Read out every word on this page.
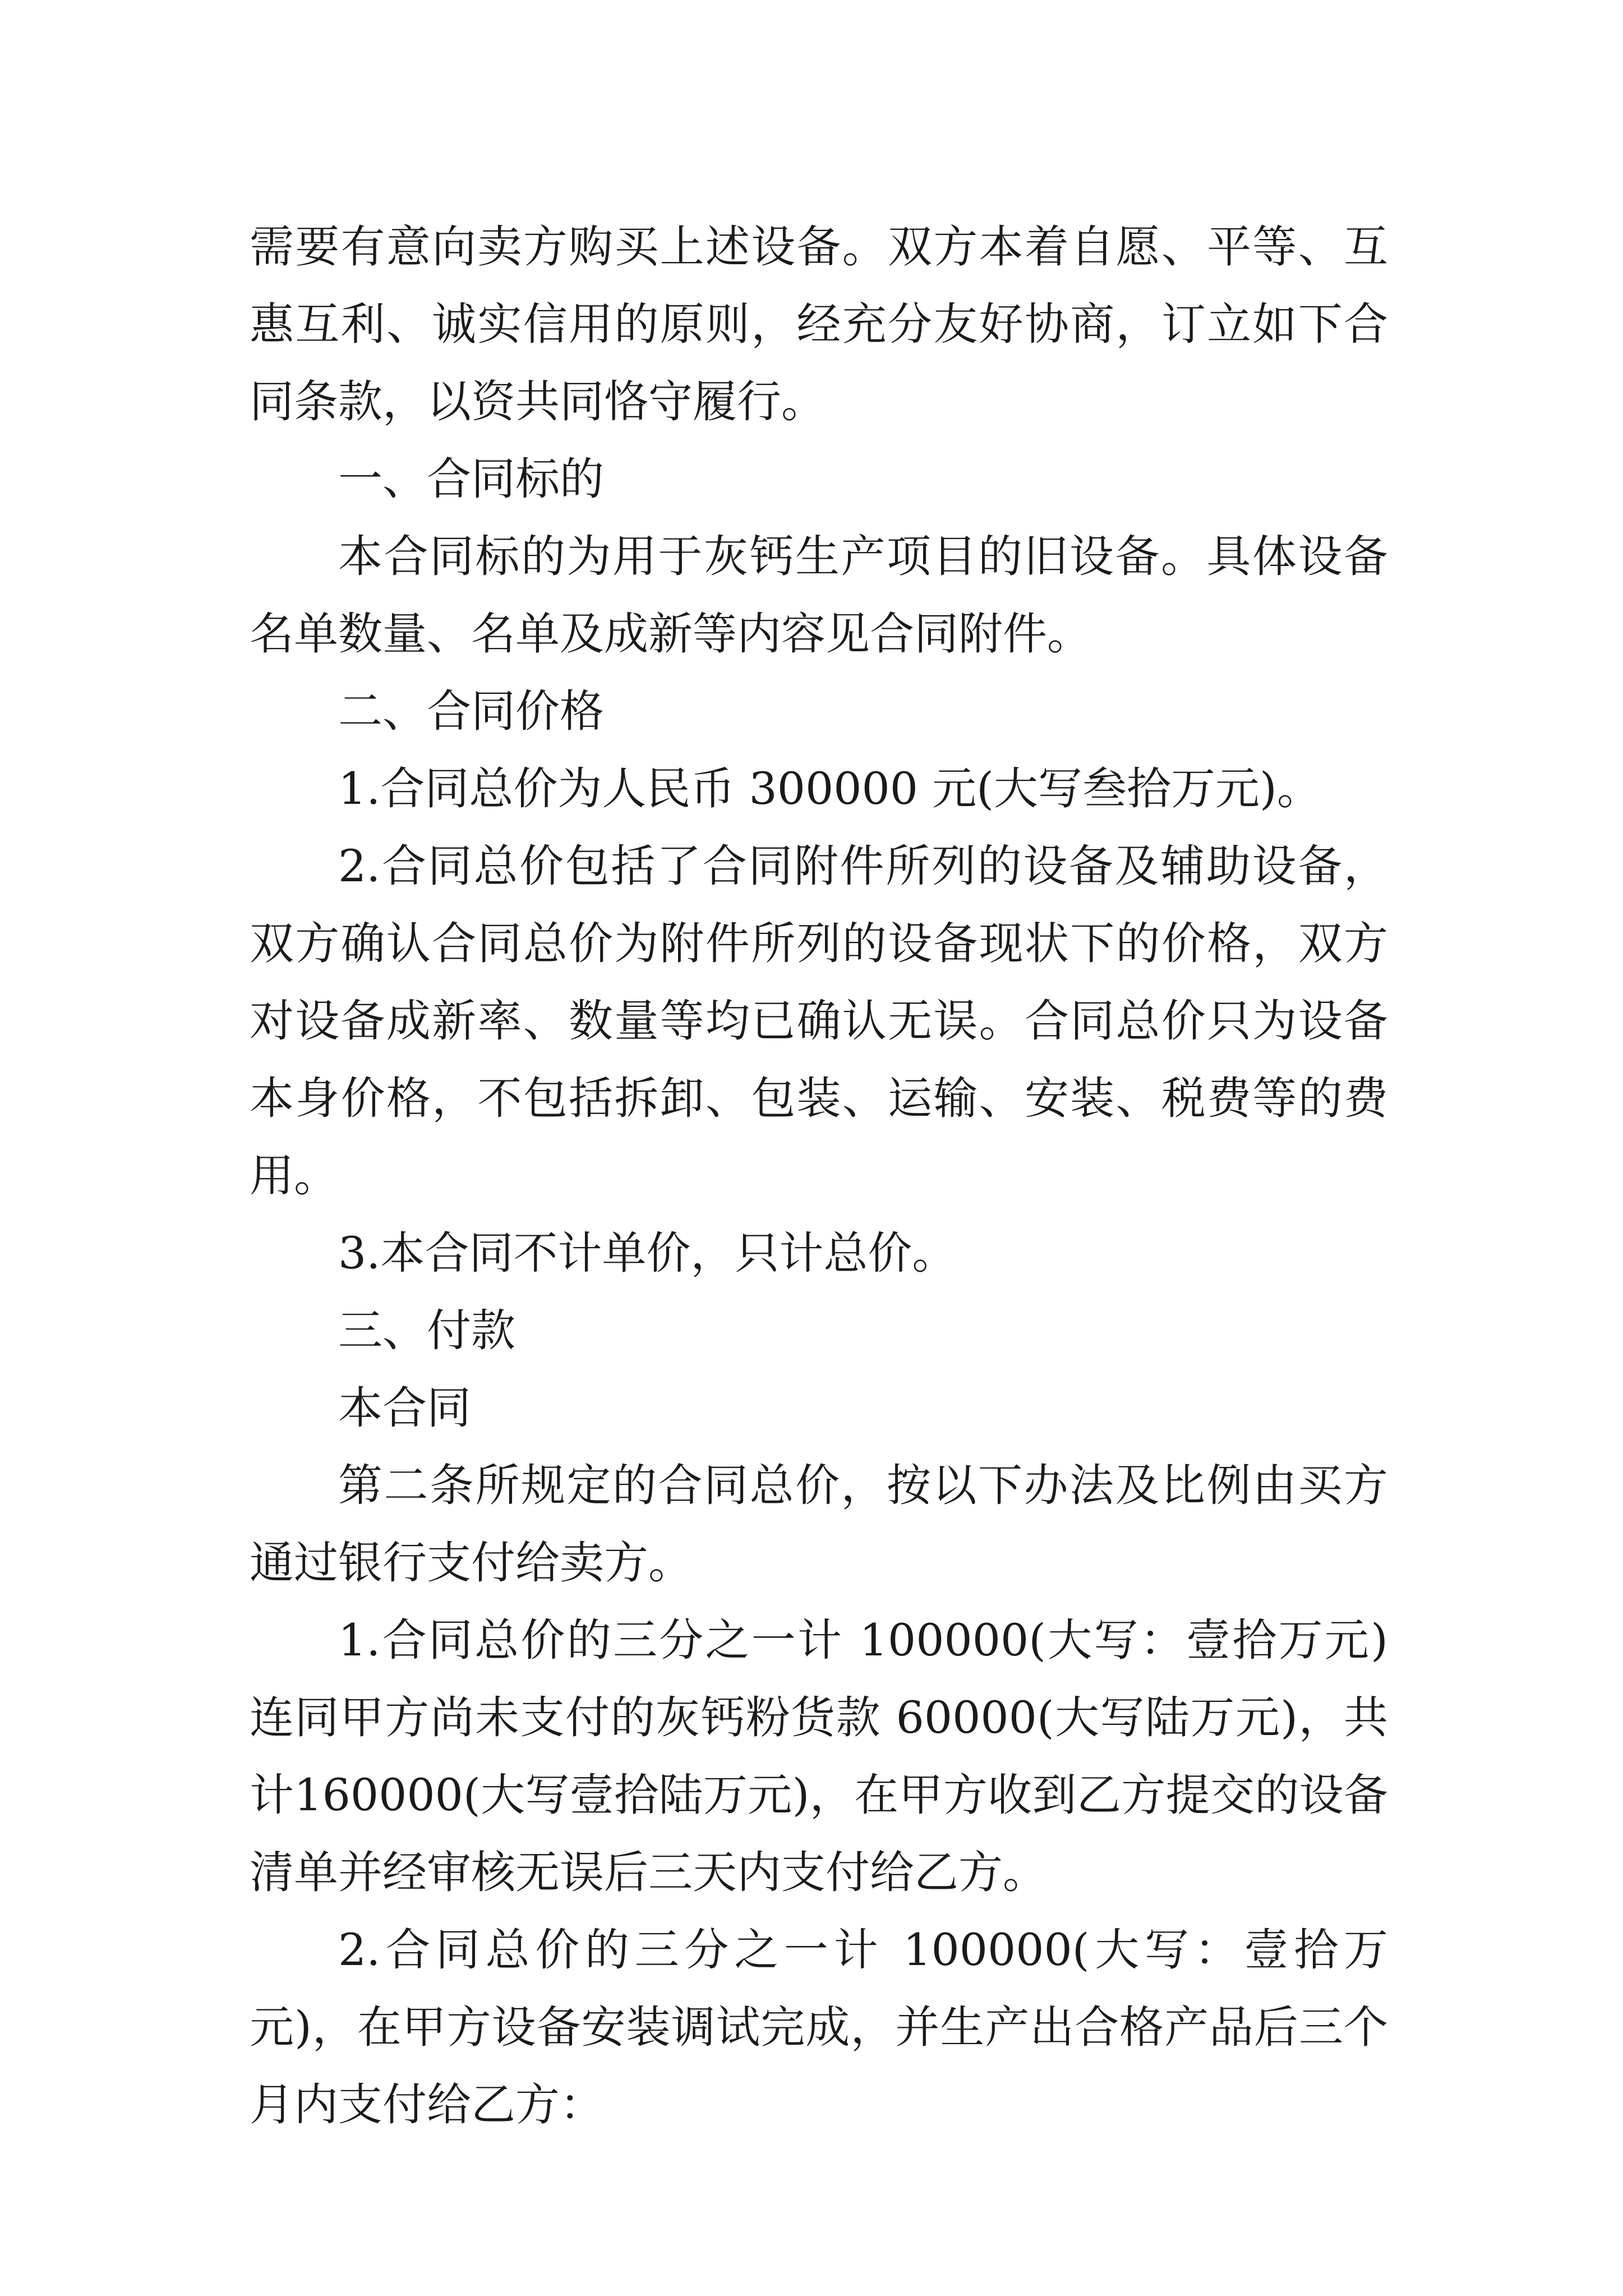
需要有意向卖方购买上述设备。双方本着自愿、平等、互惠互利、诚实信用的原则，经充分友好协商，订立如下合同条款，以资共同恪守履行。

一、合同标的

本合同标的为用于灰钙生产项目的旧设备。具体设备名单数量、名单及成新等内容见合同附件。

二、合同价格

1.合同总价为人民币 300000 元(大写叁拾万元)。

2.合同总价包括了合同附件所列的设备及辅助设备，双方确认合同总价为附件所列的设备现状下的价格，双方对设备成新率、数量等均已确认无误。合同总价只为设备本身价格，不包括拆卸、包装、运输、安装、税费等的费用。

3.本合同不计单价，只计总价。

三、付款

本合同

第二条所规定的合同总价，按以下办法及比例由买方通过银行支付给卖方。

1.合同总价的三分之一计 100000(大写：壹拾万元)连同甲方尚未支付的灰钙粉货款 60000(大写陆万元)，共计160000(大写壹拾陆万元)，在甲方收到乙方提交的设备清单并经审核无误后三天内支付给乙方。

2.合同总价的三分之一计 100000(大写：壹拾万元)，在甲方设备安装调试完成，并生产出合格产品后三个月内支付给乙方：
